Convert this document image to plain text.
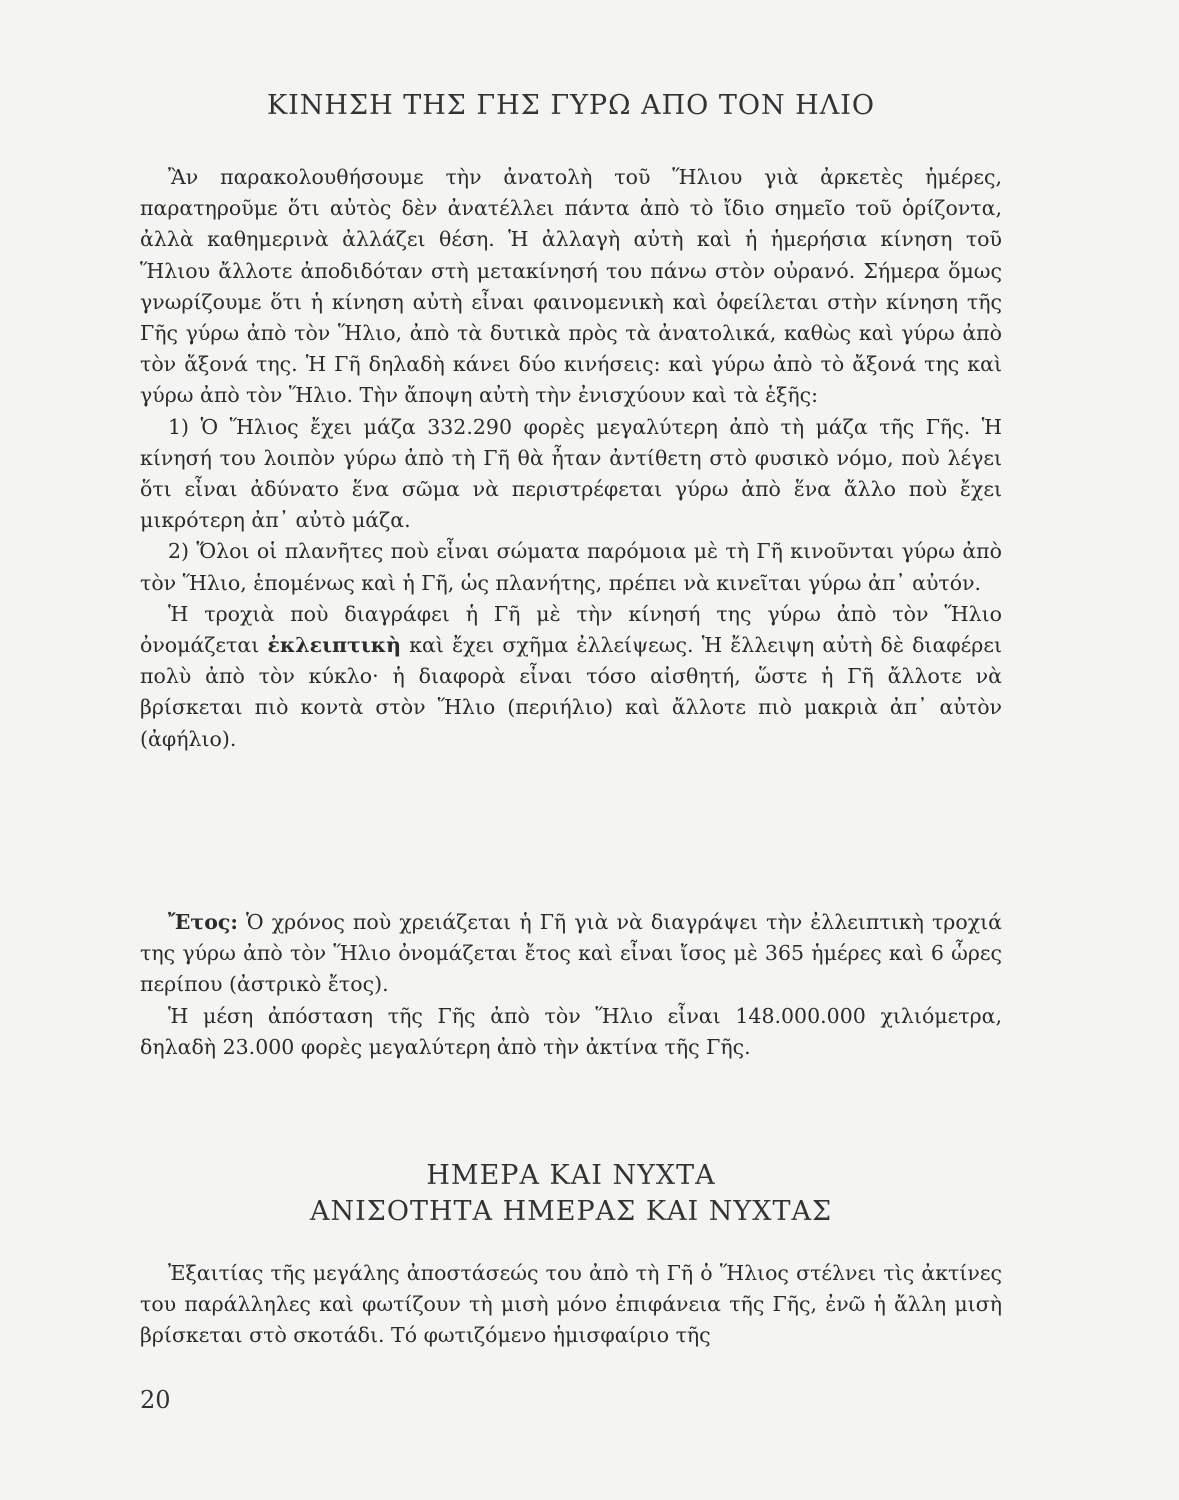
ΚΙΝΗΣΗ ΤΗΣ ΓΗΣ ΓΥΡΩ ΑΠΟ ΤΟΝ ΗΛΙΟ

Ἂν παρακολουθήσουμε τὴν ἀνατολὴ τοῦ Ἥλιου γιὰ ἀρκετὲς ἡμέρες, παρατηροῦμε ὅτι αὐτὸς δὲν ἀνατέλλει πάντα ἀπὸ τὸ ἴδιο σημεῖο τοῦ ὁρίζοντα, ἀλλὰ καθημερινὰ ἀλλάζει θέση. Ἡ ἀλλαγὴ αὐτὴ καὶ ἡ ἡμερήσια κίνηση τοῦ Ἥλιου ἄλλοτε ἀποδιδόταν στὴ μετακίνησή του πάνω στὸν οὐρανό. Σήμερα ὅμως γνωρίζουμε ὅτι ἡ κίνηση αὐτὴ εἶναι φαινομενικὴ καὶ ὀφείλεται στὴν κίνηση τῆς Γῆς γύρω ἀπὸ τὸν Ἥλιο, ἀπὸ τὰ δυτικὰ πρὸς τὰ ἀνατολικά, καθὼς καὶ γύρω ἀπὸ τὸν ἄξονά της. Ἡ Γῆ δηλαδὴ κάνει δύο κινήσεις: καὶ γύρω ἀπὸ τὸ ἄξονά της καὶ γύρω ἀπὸ τὸν Ἥλιο. Τὴν ἄποψη αὐτὴ τὴν ἐνισχύουν καὶ τὰ ἑξῆς:

1) Ὁ Ἥλιος ἔχει μάζα 332.290 φορὲς μεγαλύτερη ἀπὸ τὴ μάζα τῆς Γῆς. Ἡ κίνησή του λοιπὸν γύρω ἀπὸ τὴ Γῆ θὰ ἦταν ἀντίθετη στὸ φυσικὸ νόμο, ποὺ λέγει ὅτι εἶναι ἀδύνατο ἕνα σῶμα νὰ περιστρέφεται γύρω ἀπὸ ἕνα ἄλλο ποὺ ἔχει μικρότερη ἀπ᾿ αὐτὸ μάζα.

2) Ὅλοι οἱ πλανῆτες ποὺ εἶναι σώματα παρόμοια μὲ τὴ Γῆ κινοῦνται γύρω ἀπὸ τὸν Ἥλιο, ἑπομένως καὶ ἡ Γῆ, ὡς πλανήτης, πρέπει νὰ κινεῖται γύρω ἀπ᾿ αὐτόν.

Ἡ τροχιὰ ποὺ διαγράφει ἡ Γῆ μὲ τὴν κίνησή της γύρω ἀπὸ τὸν Ἥλιο ὀνομάζεται ἐκλειπτικὴ καὶ ἔχει σχῆμα ἐλλείψεως. Ἡ ἔλλειψη αὐτὴ δὲ διαφέρει πολὺ ἀπὸ τὸν κύκλο· ἡ διαφορὰ εἶναι τόσο αἰσθητή, ὥστε ἡ Γῆ ἄλλοτε νὰ βρίσκεται πιὸ κοντὰ στὸν Ἥλιο (περιήλιο) καὶ ἄλλοτε πιὸ μακριὰ ἀπ᾿ αὐτὸν (ἀφήλιο).

Ἔτος: Ὁ χρόνος ποὺ χρειάζεται ἡ Γῆ γιὰ νὰ διαγράψει τὴν ἐλλειπτικὴ τροχιά της γύρω ἀπὸ τὸν Ἥλιο ὀνομάζεται ἔτος καὶ εἶναι ἴσος μὲ 365 ἡμέρες καὶ 6 ὧρες περίπου (ἀστρικὸ ἔτος).

Ἡ μέση ἀπόσταση τῆς Γῆς ἀπὸ τὸν Ἥλιο εἶναι 148.000.000 χιλιόμετρα, δηλαδὴ 23.000 φορὲς μεγαλύτερη ἀπὸ τὴν ἀκτίνα τῆς Γῆς.

ΗΜΕΡΑ ΚΑΙ ΝΥΧΤΑ
ΑΝΙΣΟΤΗΤΑ ΗΜΕΡΑΣ ΚΑΙ ΝΥΧΤΑΣ

Ἐξαιτίας τῆς μεγάλης ἀποστάσεώς του ἀπὸ τὴ Γῆ ὁ Ἥλιος στέλνει τὶς ἀκτίνες του παράλληλες καὶ φωτίζουν τὴ μισὴ μόνο ἐπιφάνεια τῆς Γῆς, ἐνῶ ἡ ἄλλη μισὴ βρίσκεται στὸ σκοτάδι. Τό φωτιζόμενο ἡμισφαίριο τῆς

20
